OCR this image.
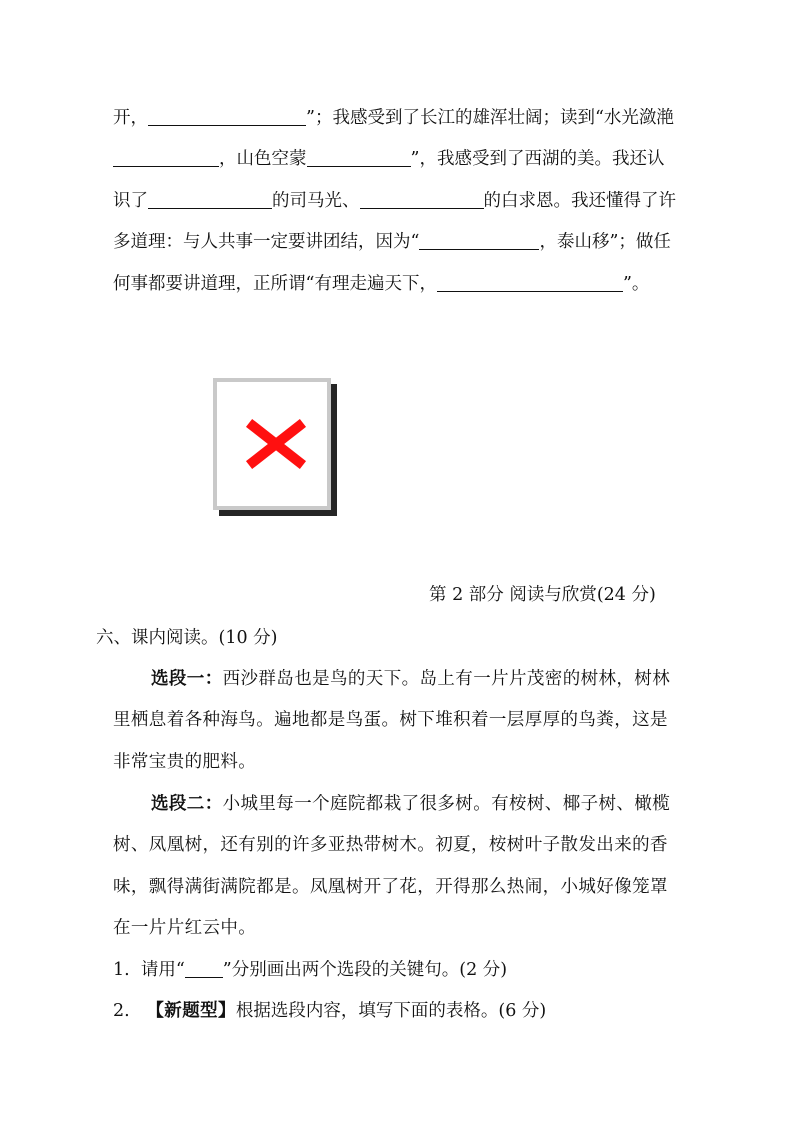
开，	”；我感受到了长江的雄浑壮阔；读到“水光潋滟
，山色空蒙	”，我感受到了西湖的美。我还认
识了	的司马光、	的白求恩。我还懂得了许
多道理：与人共事一定要讲团结，因为“	，泰山移”；做任
何事都要讲道理，正所谓“有理走遍天下，	”。
第 2 部分 阅读与欣赏(24 分)
六、课内阅读。(10 分)
选段一：西沙群岛也是鸟的天下。岛上有一片片茂密的树林，树林
里栖息着各种海鸟。遍地都是鸟蛋。树下堆积着一层厚厚的鸟粪，这是
非常宝贵的肥料。
选段二：小城里每一个庭院都栽了很多树。有桉树、椰子树、橄榄
树、凤凰树，还有别的许多亚热带树木。初夏，桉树叶子散发出来的香
味，飘得满街满院都是。凤凰树开了花，开得那么热闹，小城好像笼罩
在一片片红云中。
1. 请用“ ”分别画出两个选段的关键句。(2 分)
2. 【新题型】根据选段内容，填写下面的表格。(6 分)
